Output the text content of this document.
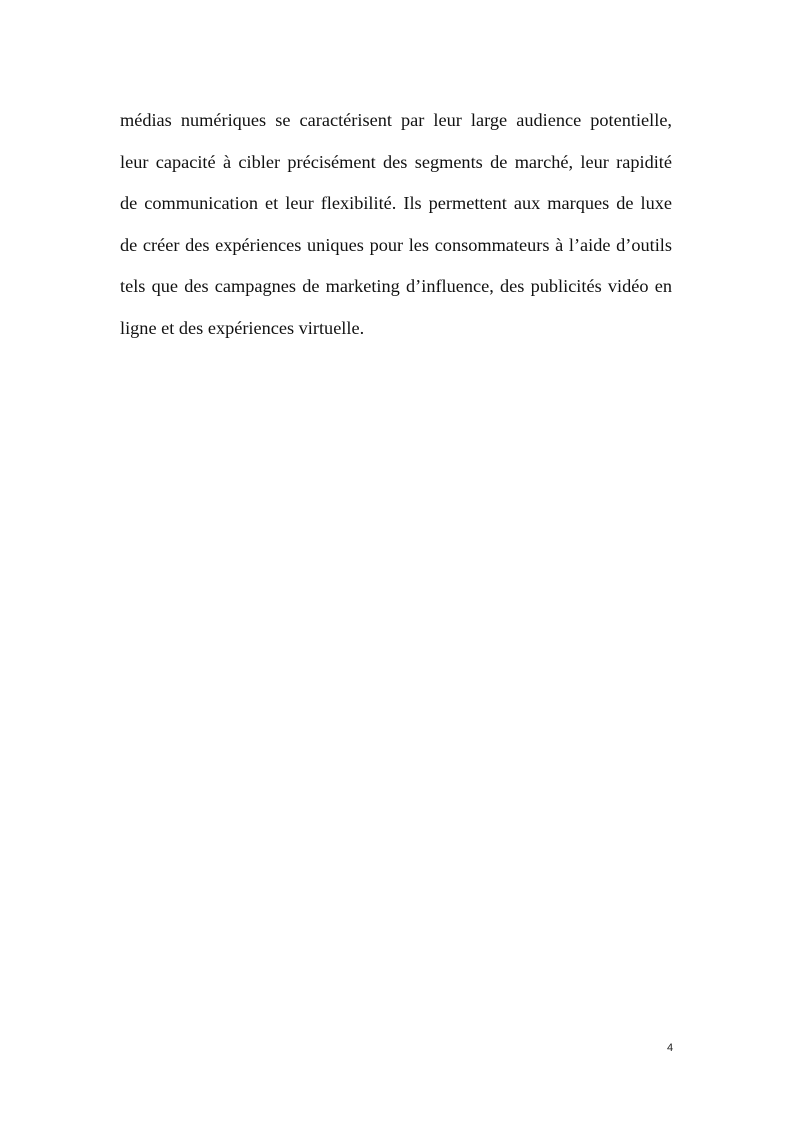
médias numériques se caractérisent par leur large audience potentielle,
leur capacité à cibler précisément des segments de marché, leur rapidité
de communication et leur flexibilité. Ils permettent aux marques de luxe
de créer des expériences uniques pour les consommateurs à l’aide d’outils
tels que des campagnes de marketing d’influence, des publicités vidéo en
ligne et des expériences virtuelle.

4
